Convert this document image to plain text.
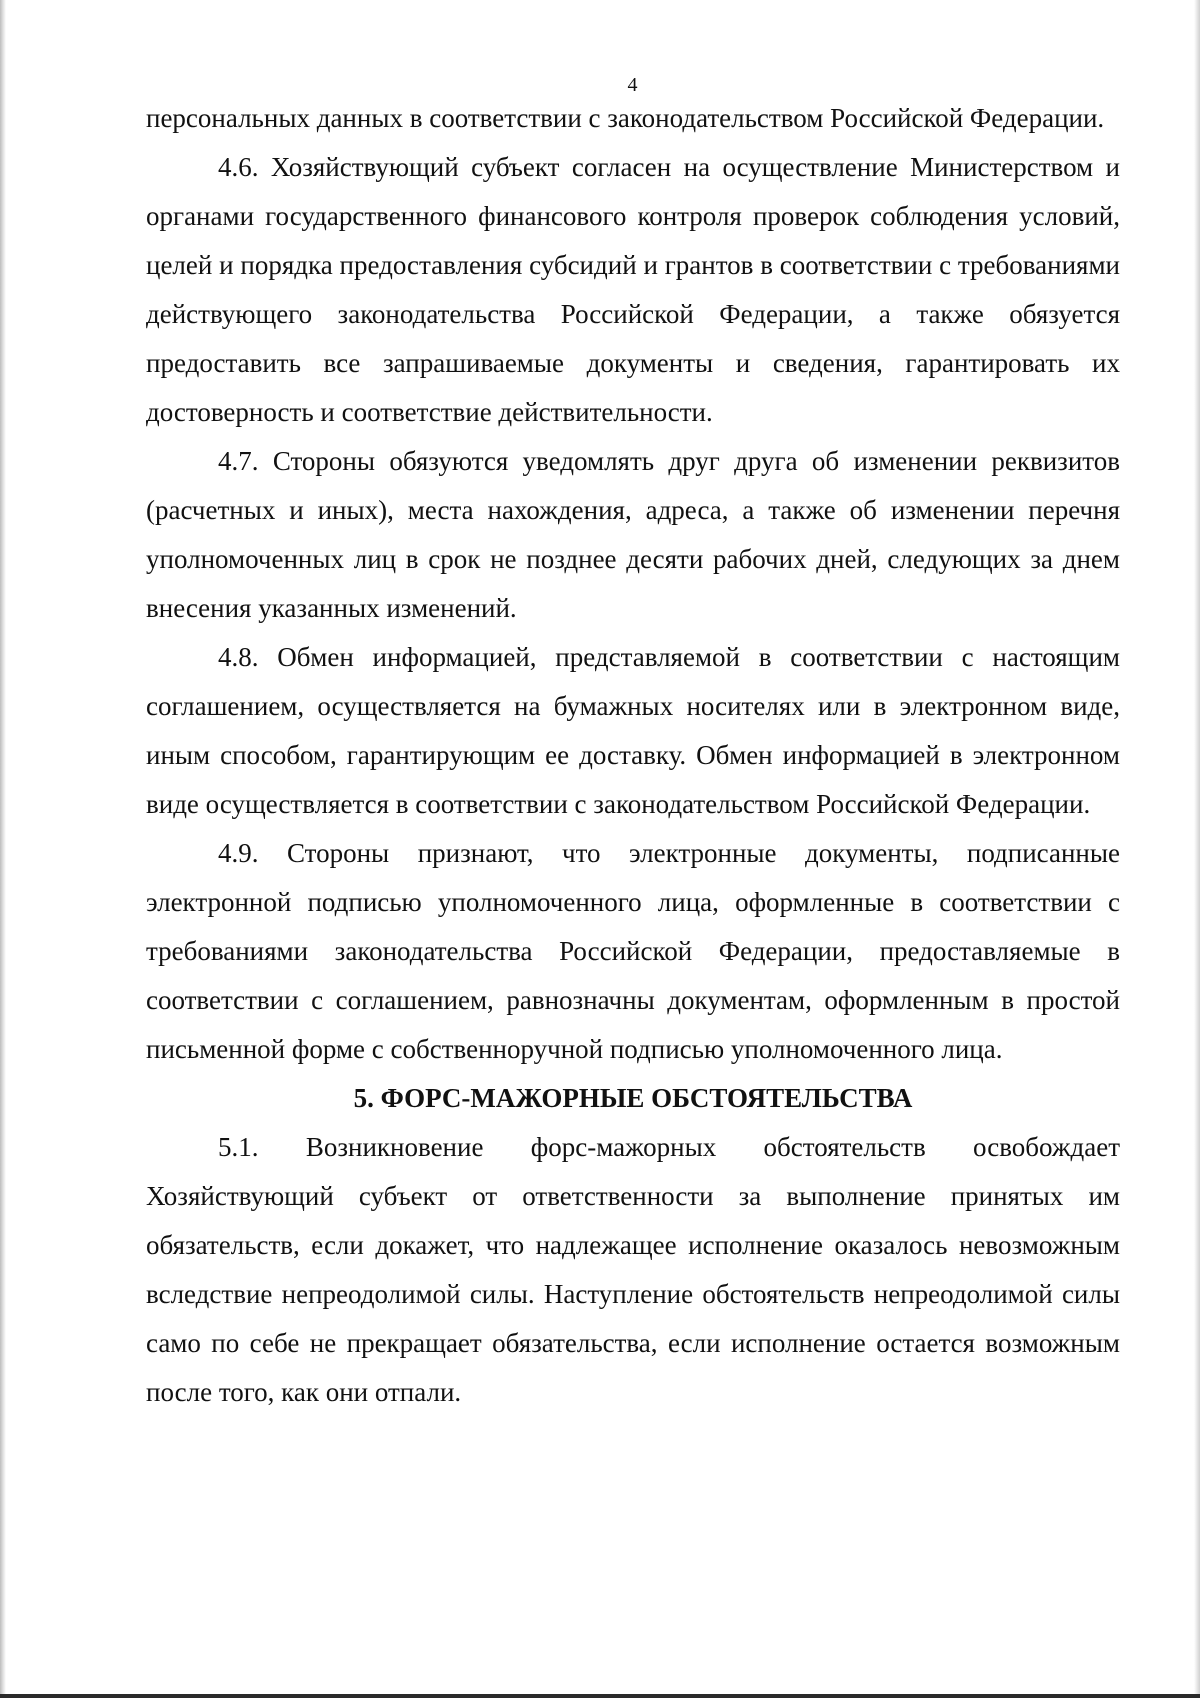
4

персональных данных в соответствии с законодательством Российской Федерации.

4.6. Хозяйствующий субъект согласен на осуществление Министерством и органами государственного финансового контроля проверок соблюдения условий, целей и порядка предоставления субсидий и грантов в соответствии с требованиями действующего законодательства Российской Федерации, а также обязуется предоставить все запрашиваемые документы и сведения, гарантировать их достоверность и соответствие действительности.

4.7. Стороны обязуются уведомлять друг друга об изменении реквизитов (расчетных и иных), места нахождения, адреса, а также об изменении перечня уполномоченных лиц в срок не позднее десяти рабочих дней, следующих за днем внесения указанных изменений.

4.8. Обмен информацией, представляемой в соответствии с настоящим соглашением, осуществляется на бумажных носителях или в электронном виде, иным способом, гарантирующим ее доставку. Обмен информацией в электронном виде осуществляется в соответствии с законодательством Российской Федерации.

4.9. Стороны признают, что электронные документы, подписанные электронной подписью уполномоченного лица, оформленные в соответствии с требованиями законодательства Российской Федерации, предоставляемые в соответствии с соглашением, равнозначны документам, оформленным в простой письменной форме с собственноручной подписью уполномоченного лица.

5. ФОРС-МАЖОРНЫЕ ОБСТОЯТЕЛЬСТВА

5.1. Возникновение форс-мажорных обстоятельств освобождает Хозяйствующий субъект от ответственности за выполнение принятых им обязательств, если докажет, что надлежащее исполнение оказалось невозможным вследствие непреодолимой силы. Наступление обстоятельств непреодолимой силы само по себе не прекращает обязательства, если исполнение остается возможным после того, как они отпали.
